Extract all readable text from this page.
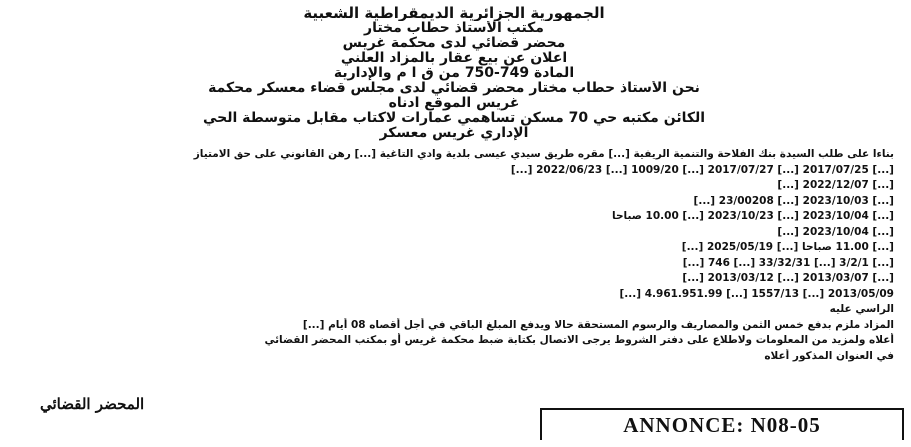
الجمهورية الجزائرية الديمقراطية الشعبية
مكتب الأستاذ حطاب مختار
محضر قضائي لدى محكمة غريس
اعلان عن بيع عقار بالمزاد العلني
المادة 749-750 من ق ا م والإدارية
نحن الأستاذ حطاب مختار محضر قضائي لدى مجلس قضاء معسكر محكمة
غريس الموقع أدناه
الكائن مكتبه حي 70 مسكن تساهمي عمارات لاكتاب مقابل متوسطة الحي
الإداري غريس معسكر

بناءا على طلب السيدة بنك الفلاحة والتنمية الريفية [...] مقره طريق سيدي عيسى بلدية وادي التاغية [...] رهن القانوني على حق الامتياز

[...] 2017/07/25 [...] 2017/07/27 [...] 1009/20 [...] 2022/06/23 [...]

[...] 2022/12/07 [...]

[...] 2023/10/03 [...] 23/00208 [...]

[...] 2023/10/04 [...] 2023/10/23 [...] 10.00 صباحا

[...] 2023/10/04 [...]

[...] 11.00 صباحا [...] 2025/05/19 [...]

[...] 3/2/1 [...] 33/32/31 [...] 746 [...]

[...] 2013/03/07 [...] 2013/03/12 [...]

2013/05/09 [...] 1557/13 [...] 4.961.951.99 [...]

الراسي عليه

المزاد ملزم بدفع خمس الثمن والمصاريف والرسوم المستحقة حالا ويدفع المبلغ الباقي في أجل أقصاه 08 أيام [...]

أعلاه ولمزيد من المعلومات ولاطلاع على دفتر الشروط يرجى الاتصال بكتابة ضبط محكمة غريس أو بمكتب المحضر القضائي

في العنوان المذكور أعلاه

المحضر القضائي
ANNONCE: N08-05
